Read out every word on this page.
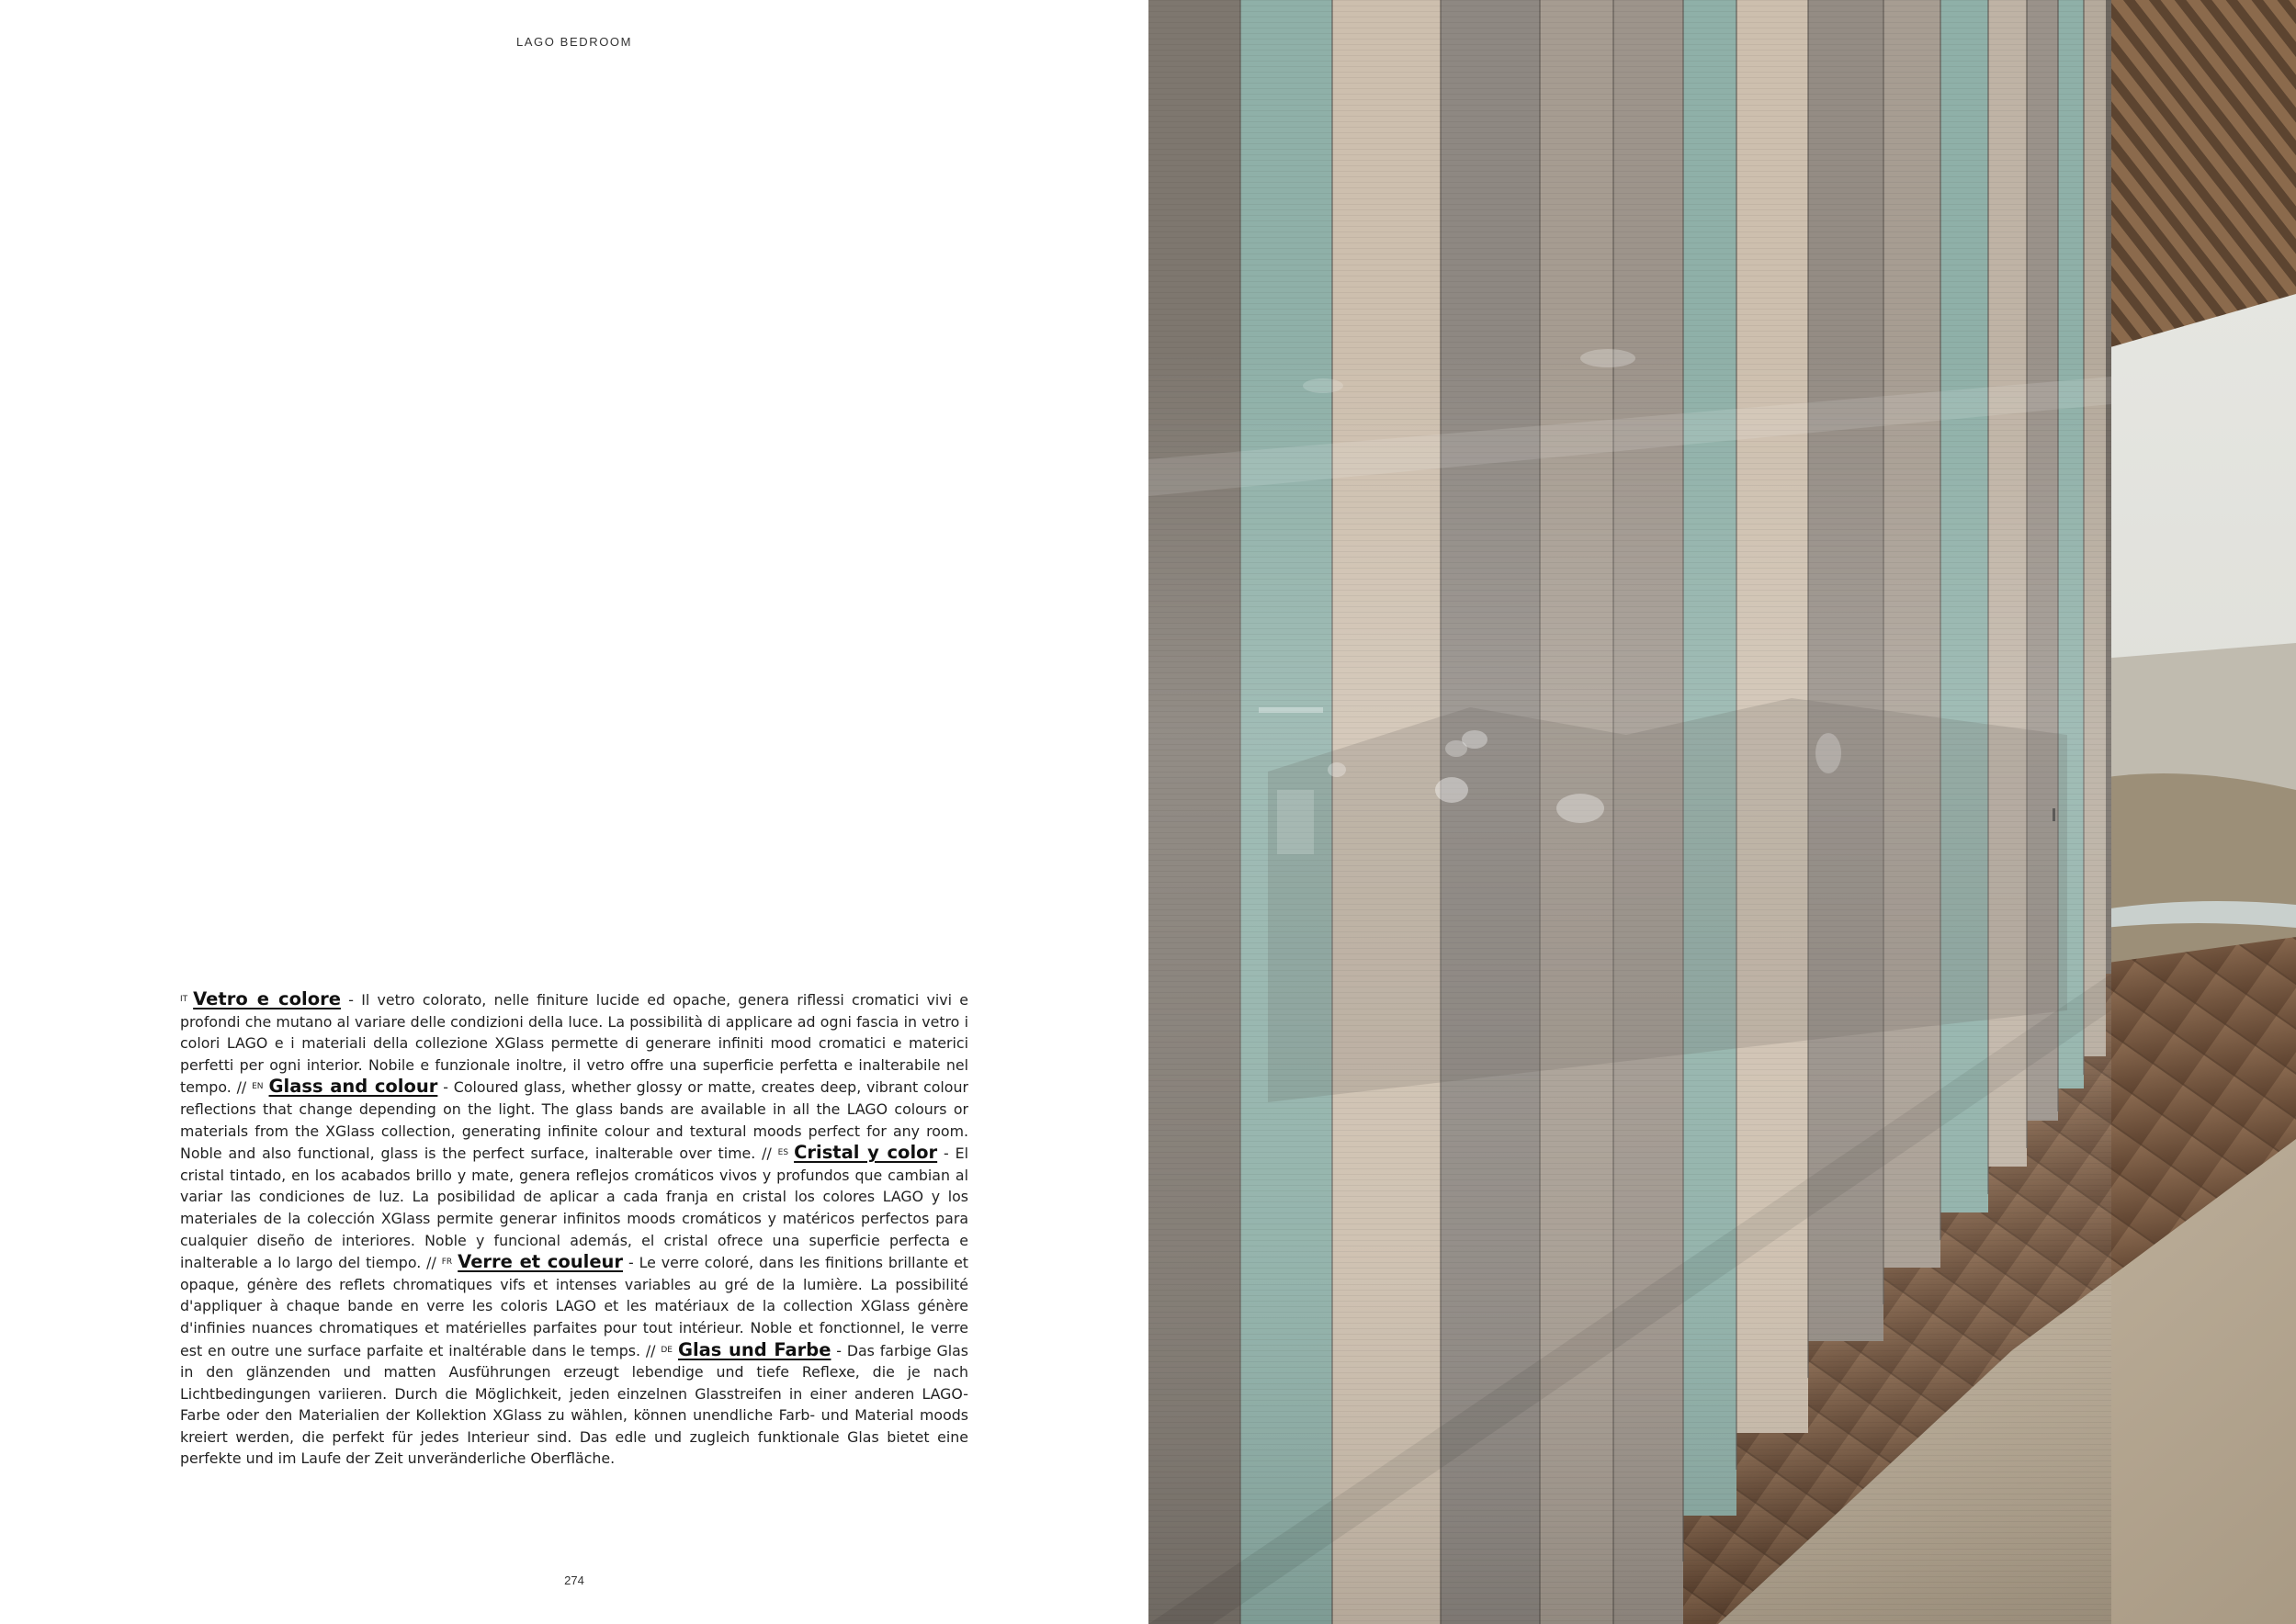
LAGO BEDROOM
$^{IT}$ Vetro e colore - Il vetro colorato, nelle finiture lucide ed opache, genera riflessi cromatici vivi e profondi che mutano al variare delle condizioni della luce. La possibilità di applicare ad ogni fascia in vetro i colori LAGO e i materiali della collezione XGlass permette di generare infiniti mood cromatici e materici perfetti per ogni interior. Nobile e funzionale inoltre, il vetro offre una superficie perfetta e inalterabile nel tempo. // $^{EN}$ Glass and colour - Coloured glass, whether glossy or matte, creates deep, vibrant colour reflections that change depending on the light. The glass bands are available in all the LAGO colours or materials from the XGlass collection, generating infinite colour and textural moods perfect for any room. Noble and also functional, glass is the perfect surface, inalterable over time. // $^{ES}$ Cristal y color - El cristal tintado, en los acabados brillo y mate, genera reflejos cromáticos vivos y profundos que cambian al variar las condiciones de luz. La posibilidad de aplicar a cada franja en cristal los colores LAGO y los materiales de la colección XGlass permite generar infinitos moods cromáticos y matéricos perfectos para cualquier diseño de interiores. Noble y funcional además, el cristal ofrece una superficie perfecta e inalterable a lo largo del tiempo. // $^{FR}$ Verre et couleur - Le verre coloré, dans les finitions brillante et opaque, génère des reflets chromatiques vifs et intenses variables au gré de la lumière. La possibilité d'appliquer à chaque bande en verre les coloris LAGO et les matériaux de la collection XGlass génère d'infinies nuances chromatiques et matérielles parfaites pour tout intérieur. Noble et fonctionnel, le verre est en outre une surface parfaite et inaltérable dans le temps. // $^{DE}$ Glas und Farbe - Das farbige Glas in den glänzenden und matten Ausführungen erzeugt lebendige und tiefe Reflexe, die je nach Lichtbedingungen variieren. Durch die Möglichkeit, jeden einzelnen Glasstreifen in einer anderen LAGO- Farbe oder den Materialien der Kollektion XGlass zu wählen, können unendliche Farb- und Material moods kreiert werden, die perfekt für jedes Interieur sind. Das edle und zugleich funktionale Glas bietet eine perfekte und im Laufe der Zeit unveränderliche Oberfläche.
274
